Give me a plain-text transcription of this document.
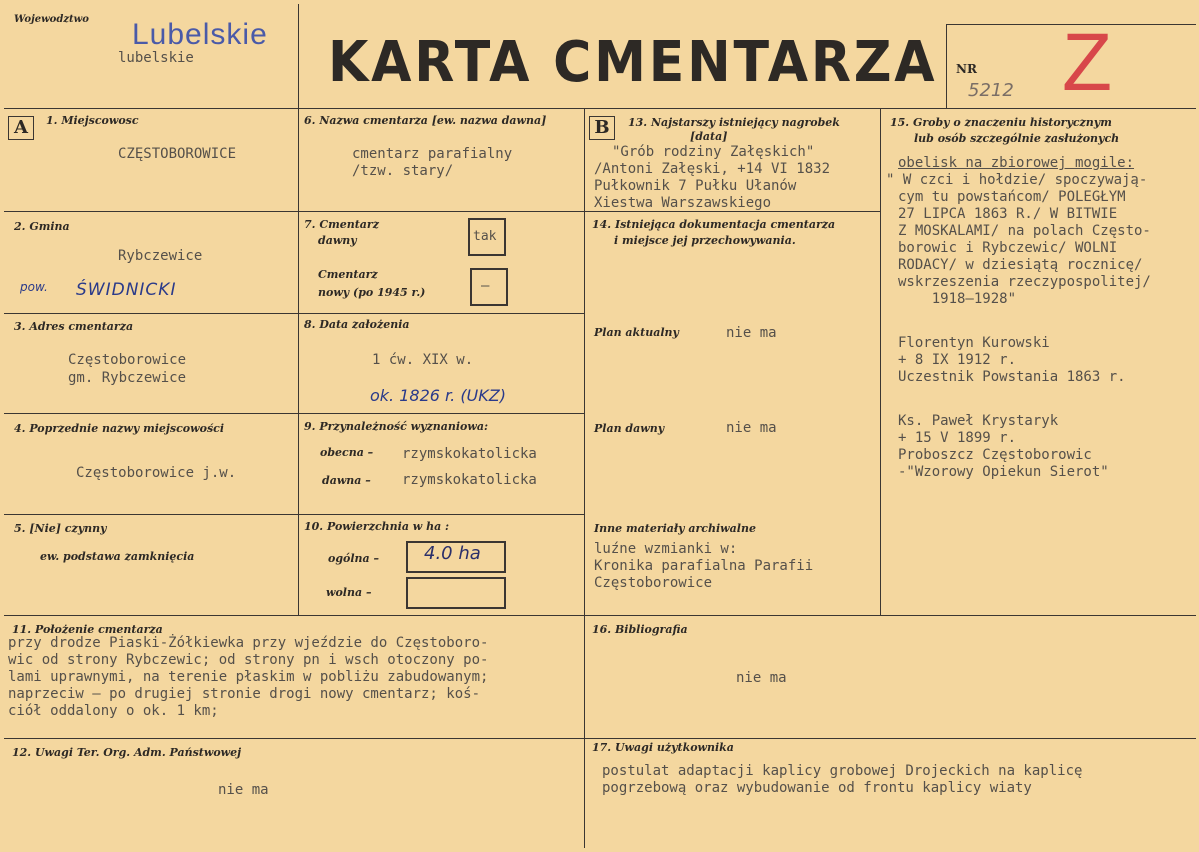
Wojewodztwo Lubelskie
lubelskie KARTA CMENTARZA NR
5212 Z
A	B
1. Miejscowosc
CZĘSTOBOROWICE
2. Gmina
Rybczewice
pow. ŚWIDNICKI
3. Adres cmentarza
Częstoborowice
gm. Rybczewice
4. Poprzednie nazwy miejscowości
Częstoborowice j.w.
5. [Nie] czynny
ew. podstawa zamknięcia
6. Nazwa cmentarza [ew. nazwa dawna]
cmentarz parafialny
/tzw. stary/
7. Cmentarz
dawny	tak
Cmentarz
nowy (po 1945 r.)	–
8. Data założenia
1 ćw. XIX w.
ok. 1826 r. (UKZ)
9. Przynależność wyznaniowa:
obecna – rzymskokatolicka
dawna – rzymskokatolicka
10. Powierzchnia w ha :
ogólna –	4.0 ha
wolna –
11. Położenie cmentarza
przy drodze Piaski-Żółkiewka przy wjeździe do Częstoboro-
wic od strony Rybczewic; od strony pn i wsch otoczony po-
lami uprawnymi, na terenie płaskim w pobliżu zabudowanym;
naprzeciw – po drugiej stronie drogi nowy cmentarz; koś-
ciół oddalony o ok. 1 km;
12. Uwagi Ter. Org. Adm. Państwowej
nie ma
13. Najstarszy istniejący nagrobek
[data]
"Grób rodziny Załęskich"
/Antoni Załęski, +14 VI 1832
Pułkownik 7 Pułku Ułanów
Xiestwa Warszawskiego
14. Istniejąca dokumentacja cmentarza
i miejsce jej przechowywania.
Plan aktualny	nie ma
Plan dawny	nie ma
Inne materiały archiwalne
luźne wzmianki w:
Kronika parafialna Parafii
Częstoborowice
15. Groby o znaczeniu historycznym
lub osób szczególnie zasłużonych
obelisk na zbiorowej mogile:
" W czci i hołdzie/ spoczywają-
cym tu powstańcom/ POLEGŁYM
27 LIPCA 1863 R./ W BITWIE
Z MOSKALAMI/ na polach Często-
borowic i Rybczewic/ WOLNI
RODACY/ w dziesiątą rocznicę/
wskrzeszenia rzeczypospolitej/
1918–1928"
Florentyn Kurowski
+ 8 IX 1912 r.
Uczestnik Powstania 1863 r.
Ks. Paweł Krystaryk
+ 15 V 1899 r.
Proboszcz Częstoborowic
-"Wzorowy Opiekun Sierot"
16. Bibliografia
nie ma
17. Uwagi użytkownika
postulat adaptacji kaplicy grobowej Drojeckich na kaplicę
pogrzebową oraz wybudowanie od frontu kaplicy wiaty
